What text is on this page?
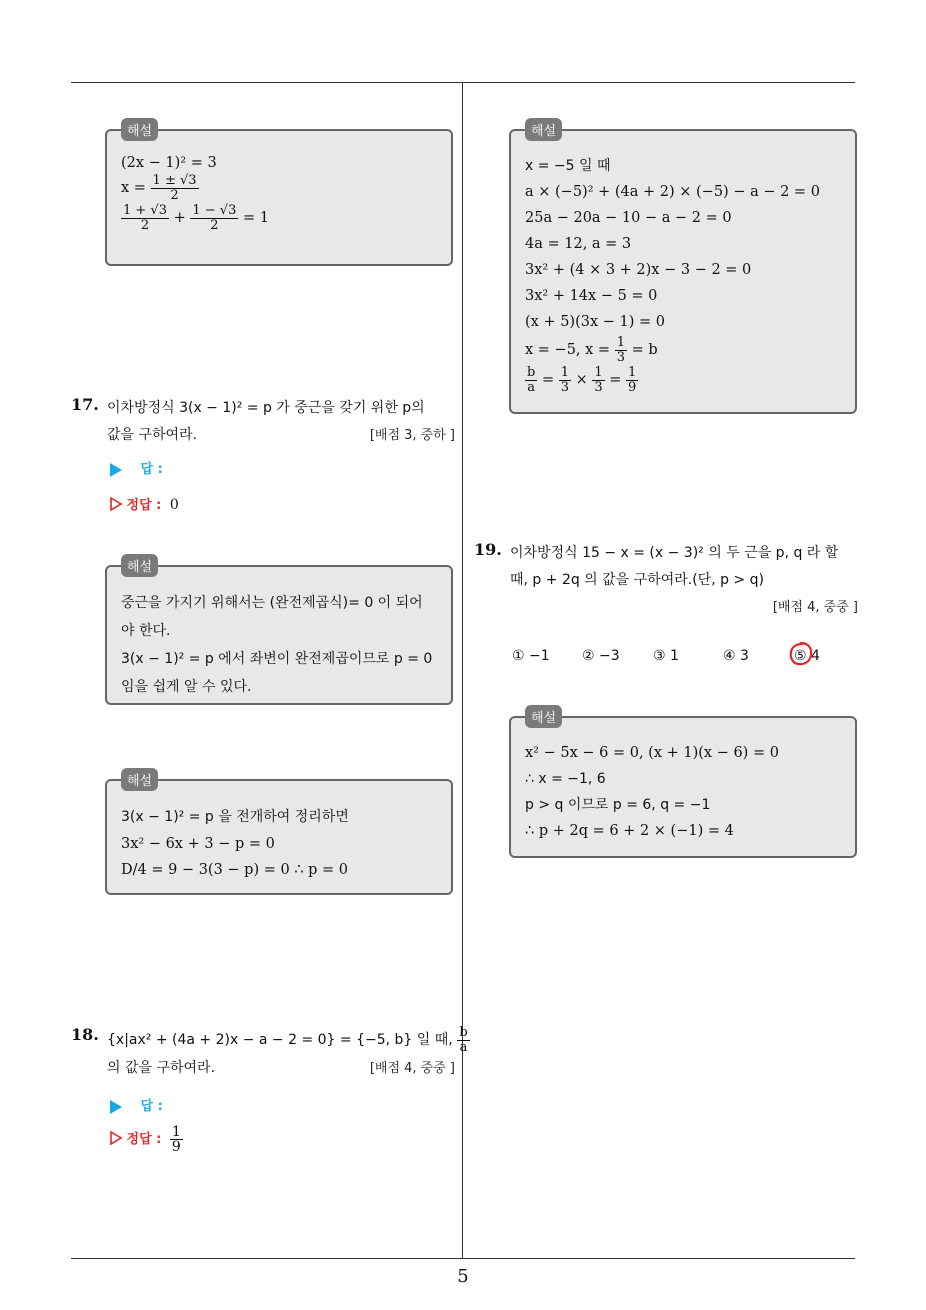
5
해설
(2x − 1)² = 3
$x = \frac{1 \pm √3}{2}$
$\frac{1 + √3}{2} + \frac{1 - √3}{2} = 1$
17. 이차방정식 3(x − 1)² = p 가 중근을 갖기 위한 p의
값을 구하여라.	[배점 3, 중하 ]
답 :
정답 : 0
해설
중근을 가지기 위해서는 (완전제곱식)= 0 이 되어
야 한다.
3(x − 1)² = p 에서 좌변이 완전제곱이므로 p = 0
임을 쉽게 알 수 있다.
해설
3(x − 1)² = p 을 전개하여 정리하면
3x² − 6x + 3 − p = 0
D/4 = 9 − 3(3 − p) = 0 ∴ p = 0
18. {x|ax² + (4a + 2)x − a − 2 = 0} = {−5, b} 일 때, $\frac{b}{a}$
의 값을 구하여라.	[배점 4, 중중 ]
답 :
정답 : $\frac{1}{9}$
해설
x = −5 일 때
a × (−5)² + (4a + 2) × (−5) − a − 2 = 0
25a − 20a − 10 − a − 2 = 0
4a = 12, a = 3
3x² + (4 × 3 + 2)x − 3 − 2 = 0
3x² + 14x − 5 = 0
(x + 5)(3x − 1) = 0
x = −5, $x = \frac{1}{3} = b$
$\frac{b}{a} = \frac{1}{3} \times \frac{1}{3} = \frac{1}{9}$
19. 이차방정식 15 − x = (x − 3)² 의 두 근을 p, q 라 할
때, p + 2q 의 값을 구하여라.(단, p > q)
[배점 4, 중중 ]
① −1 ② −3 ③ 1	④ 3	⑤ 4
해설
x² − 5x − 6 = 0, (x + 1)(x − 6) = 0
∴ x = −1, 6
p > q 이므로 p = 6, q = −1
∴ p + 2q = 6 + 2 × (−1) = 4
